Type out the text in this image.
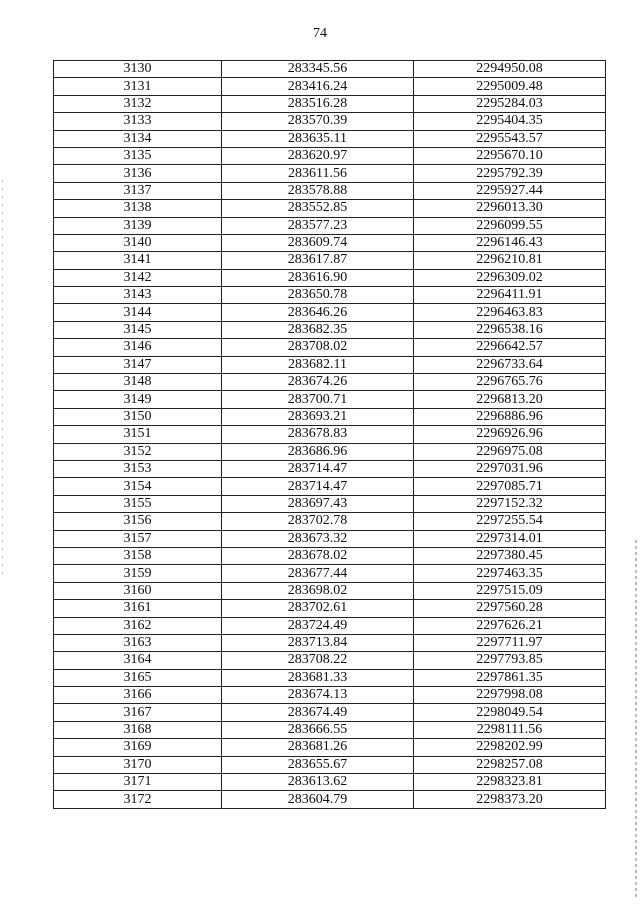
74
3130	283345.56	2294950.08
3131	283416.24	2295009.48
3132	283516.28	2295284.03
3133	283570.39	2295404.35
3134	283635.11	2295543.57
3135	283620.97	2295670.10
3136	283611.56	2295792.39
3137	283578.88	2295927.44
3138	283552.85	2296013.30
3139	283577.23	2296099.55
3140	283609.74	2296146.43
3141	283617.87	2296210.81
3142	283616.90	2296309.02
3143	283650.78	2296411.91
3144	283646.26	2296463.83
3145	283682.35	2296538.16
3146	283708.02	2296642.57
3147	283682.11	2296733.64
3148	283674.26	2296765.76
3149	283700.71	2296813.20
3150	283693.21	2296886.96
3151	283678.83	2296926.96
3152	283686.96	2296975.08
3153	283714.47	2297031.96
3154	283714.47	2297085.71
3155	283697.43	2297152.32
3156	283702.78	2297255.54
3157	283673.32	2297314.01
3158	283678.02	2297380.45
3159	283677.44	2297463.35
3160	283698.02	2297515.09
3161	283702.61	2297560.28
3162	283724.49	2297626.21
3163	283713.84	2297711.97
3164	283708.22	2297793.85
3165	283681.33	2297861.35
3166	283674.13	2297998.08
3167	283674.49	2298049.54
3168	283666.55	2298111.56
3169	283681.26	2298202.99
3170	283655.67	2298257.08
3171	283613.62	2298323.81
3172	283604.79	2298373.20
